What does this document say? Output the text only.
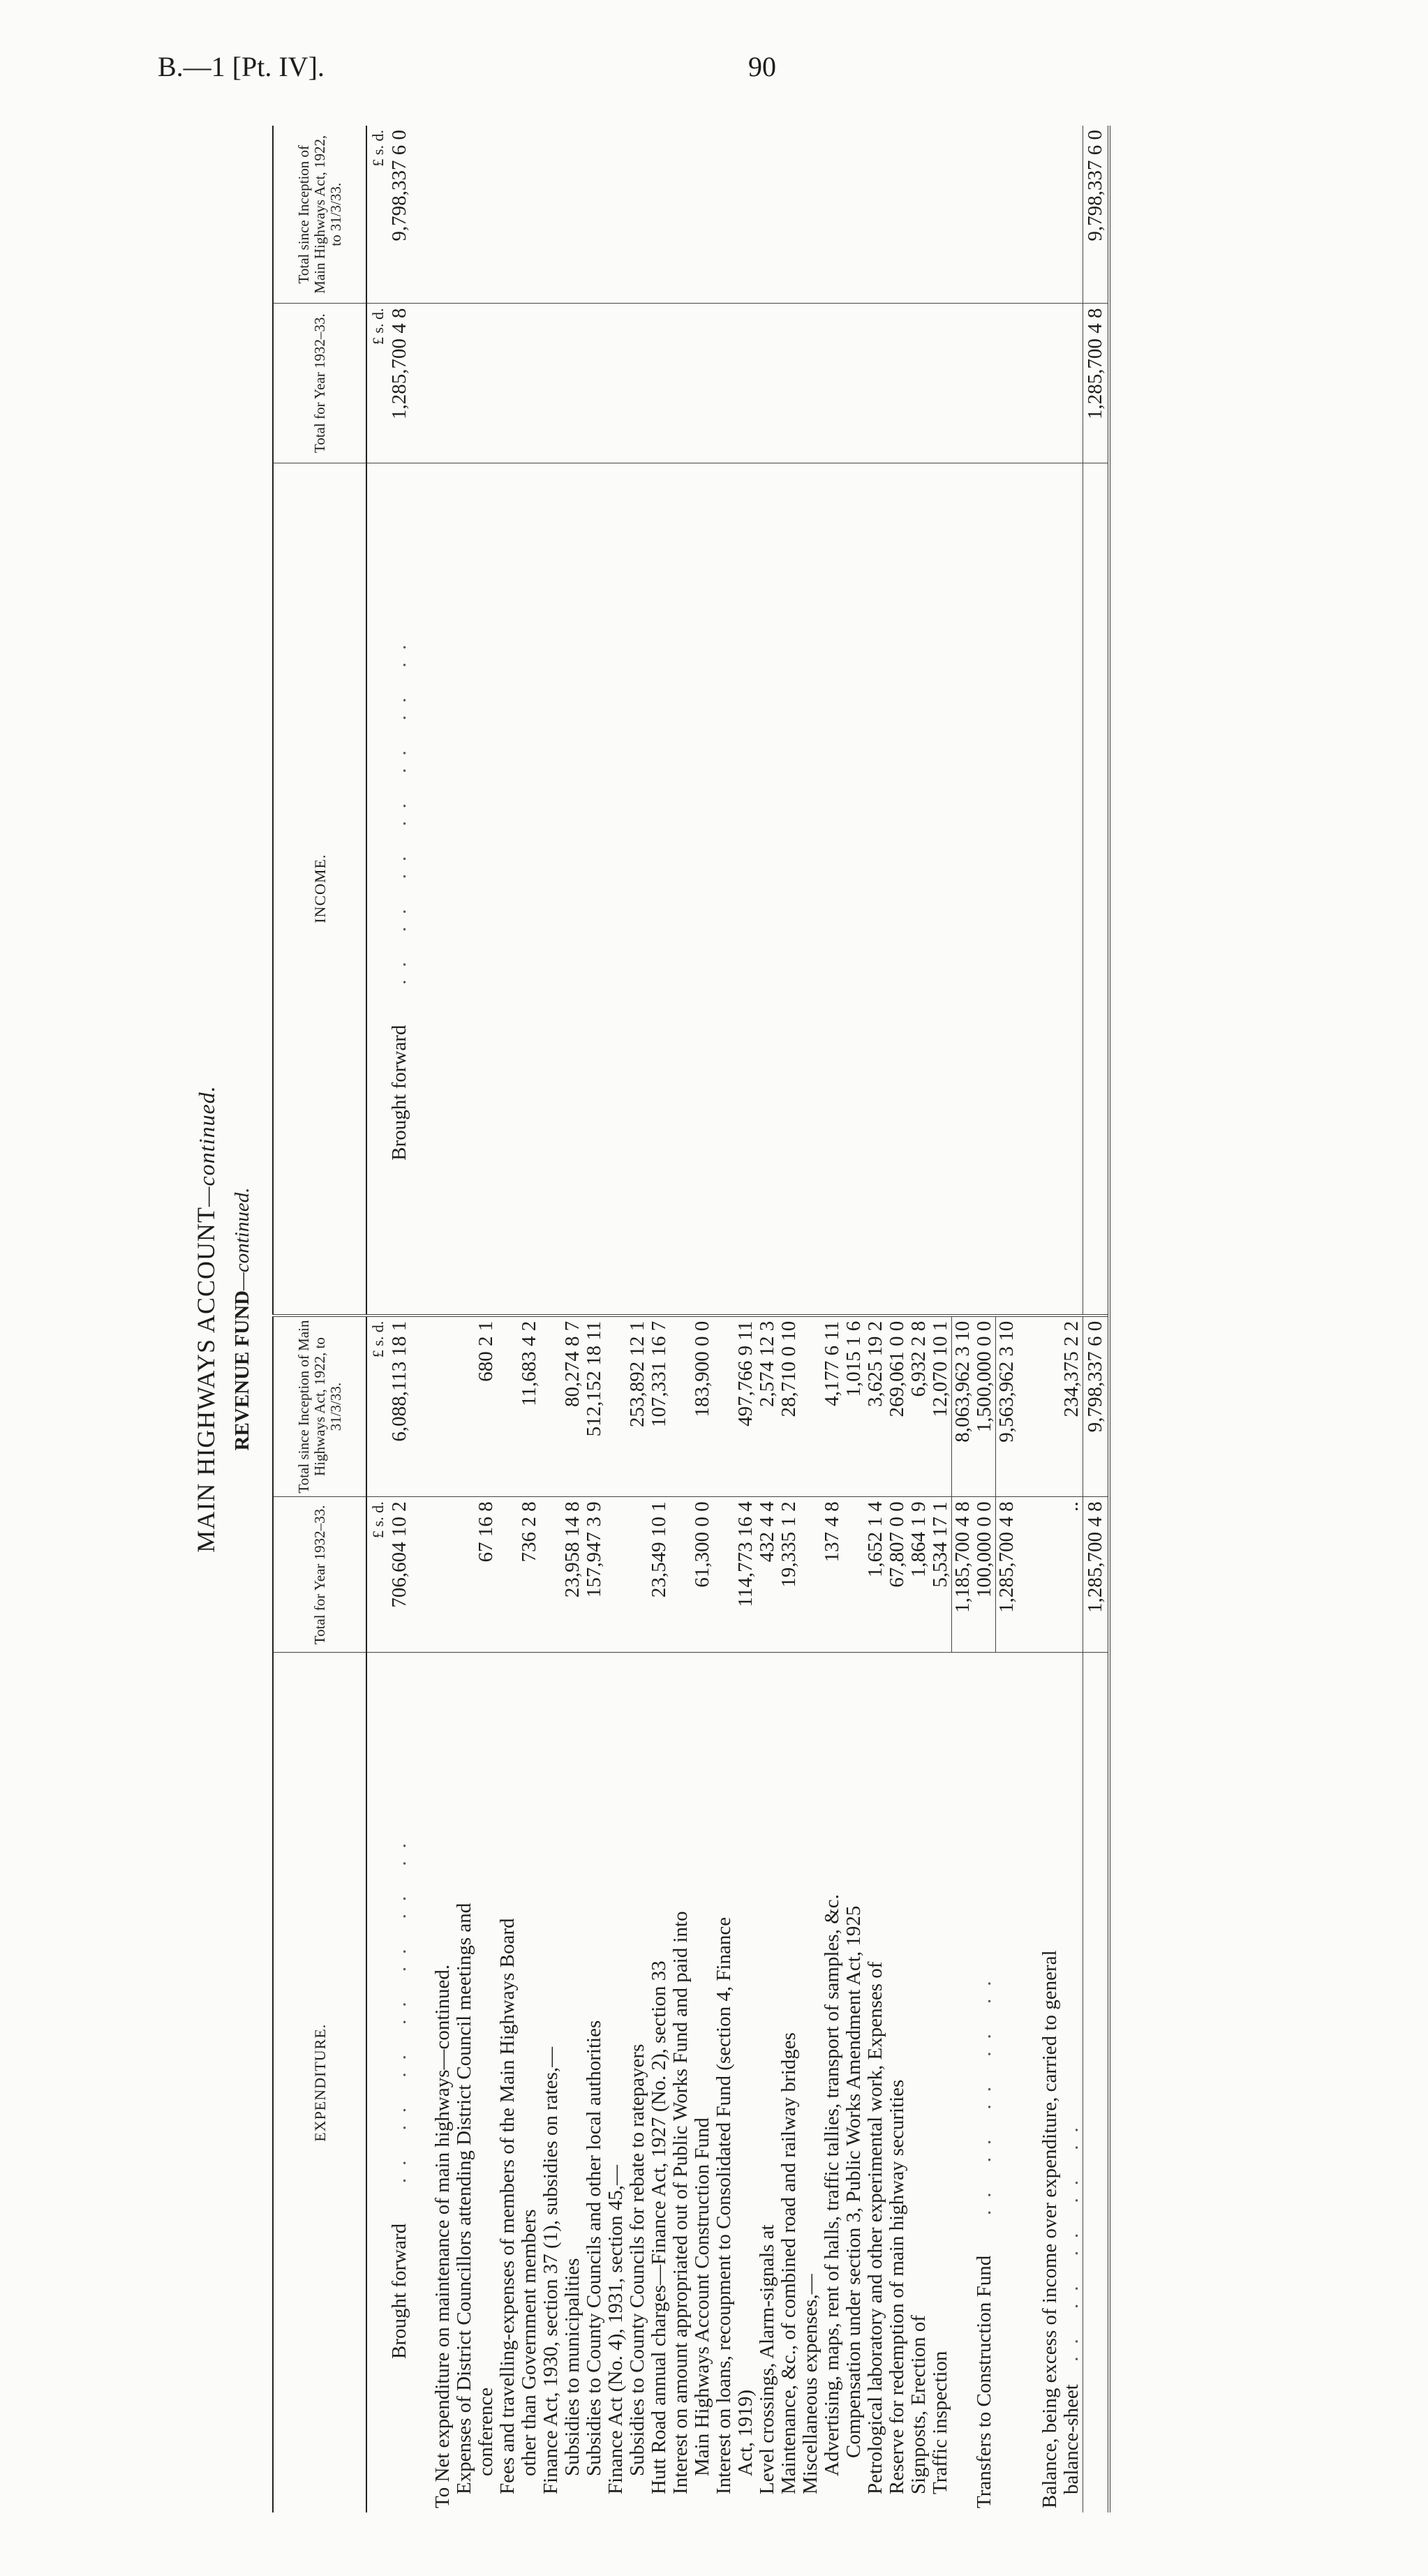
B.—1 [Pt. IV].	90
MAIN HIGHWAYS ACCOUNT—continued.
REVENUE FUND—continued.
EXPENDITURE.	Total for Year 1932–33.	Total since Inception of Main Highways Act, 1922, to 31/3/33.	INCOME.	Total for Year 1932–33.	Total since Inception of Main Highways Act, 1922, to 31/3/33.
	£ s. d.	£ s. d.		£ s. d.	£ s. d.
Brought forward   .. .. .. .. .. .. ..	706,604 10 2	6,088,113 18 1	Brought forward   .. .. .. .. .. .. ..	1,285,700 4 8	9,798,337 6 0

To Net expenditure on maintenance of main highways—continued.					
Expenses of District Councillors attending District Council meetings and					
conference	67 16 8	680 2 1			
Fees and travelling-expenses of members of the Main Highways Board					
other than Government members	736 2 8	11,683 4 2			
Finance Act, 1930, section 37 (1), subsidies on rates,—					
Subsidies to municipalities	23,958 14 8	80,274 8 7			
Subsidies to County Councils and other local authorities	157,947 3 9	512,152 18 11			
Finance Act (No. 4), 1931, section 45,—					
Subsidies to County Councils for rebate to ratepayers		253,892 12 1			
Hutt Road annual charges—Finance Act, 1927 (No. 2), section 33	23,549 10 1	107,331 16 7			
Interest on amount appropriated out of Public Works Fund and paid into					
Main Highways Account Construction Fund	61,300 0 0	183,900 0 0			
Interest on loans, recoupment to Consolidated Fund (section 4, Finance					
Act, 1919)	114,773 16 4	497,766 9 11			
Level crossings, Alarm-signals at	432 4 4	2,574 12 3			
Maintenance, &c., of combined road and railway bridges	19,335 1 2	28,710 0 10			
Miscellaneous expenses,—					
Advertising, maps, rent of halls, traffic tallies, transport of samples, &c.	137 4 8	4,177 6 11			
Compensation under section 3, Public Works Amendment Act, 1925		1,015 1 6			
Petrological laboratory and other experimental work, Expenses of	1,652 1 4	3,625 19 2			
Reserve for redemption of main highway securities	67,807 0 0	269,061 0 0			
Signposts, Erection of	1,864 1 9	6,932 2 8			
Traffic inspection	5,534 17 1	12,070 10 1			
	1,185,700 4 8	8,063,962 3 10			
Transfers to Construction Fund   .. .. .. .. ..	100,000 0 0	1,500,000 0 0			
	1,285,700 4 8	9,563,962 3 10			

Balance, being excess of income over expenditure, carried to general					
balance-sheet  .. .. .. .. ..	..	234,375 2 2			
	1,285,700 4 8	9,798,337 6 0		1,285,700 4 8	9,798,337 6 0
